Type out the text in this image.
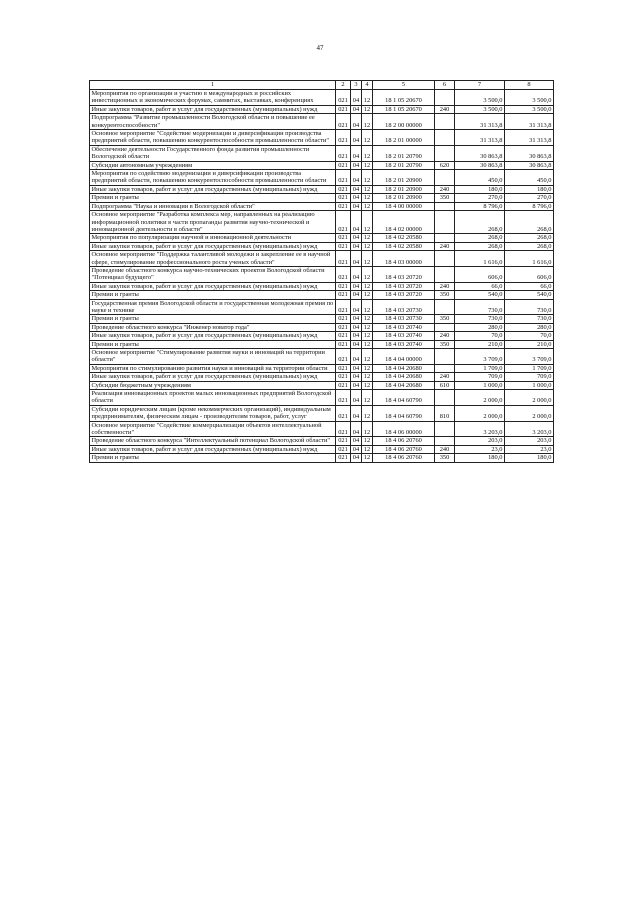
47
1	2	3	4	5	6	7	8
Мероприятия по организации и участию в международных и российских инвестиционных и экономических форумах, саммитах, выставках, конференциях	021	04	12	18 1 05 20670		3 500,0	3 500,0
Иные закупки товаров, работ и услуг для государственных (муниципальных) нужд	021	04	12	18 1 05 20670	240	3 500,0	3 500,0
Подпрограмма "Развитие промышленности Вологодской области и повышение ее конкурентоспособности"	021	04	12	18 2 00 00000		31 313,8	31 313,8
Основное мероприятие "Содействие модернизации и диверсификации производства предприятий области, повышению конкурентоспособности промышленности области"	021	04	12	18 2 01 00000		31 313,8	31 313,8
Обеспечение деятельности Государственного фонда развития промышленности Вологодской области	021	04	12	18 2 01 20790		30 863,8	30 863,8
Субсидии автономным учреждениям	021	04	12	18 2 01 20790	620	30 863,8	30 863,8
Мероприятия по содействию модернизации и диверсификации производства предприятий области, повышению конкурентоспособности промышленности области	021	04	12	18 2 01 20900		450,0	450,0
Иные закупки товаров, работ и услуг для государственных (муниципальных) нужд	021	04	12	18 2 01 20900	240	180,0	180,0
Премии и гранты	021	04	12	18 2 01 20900	350	270,0	270,0
Подпрограмма "Наука и инновации в Вологодской области"	021	04	12	18 4 00 00000		8 796,0	8 796,0
Основное мероприятие "Разработка комплекса мер, направленных на реализацию информационной политики в части пропаганды развития научно-технической и инновационной деятельности в области"	021	04	12	18 4 02 00000		268,0	268,0
Мероприятия по популяризации научной и инновационной деятельности	021	04	12	18 4 02 20580		268,0	268,0
Иные закупки товаров, работ и услуг для государственных (муниципальных) нужд	021	04	12	18 4 02 20580	240	268,0	268,0
Основное мероприятие "Поддержка талантливой молодежи и закрепление ее в научной сфере, стимулирование профессионального роста ученых области"	021	04	12	18 4 03 00000		1 616,0	1 616,0
Проведение областного конкурса научно-технических проектов Вологодской области "Потенциал будущего"	021	04	12	18 4 03 20720		606,0	606,0
Иные закупки товаров, работ и услуг для государственных (муниципальных) нужд	021	04	12	18 4 03 20720	240	66,0	66,0
Премии и гранты	021	04	12	18 4 03 20720	350	540,0	540,0
Государственная премия Вологодской области и государственная молодежная премия по науке и технике	021	04	12	18 4 03 20730		730,0	730,0
Премии и гранты	021	04	12	18 4 03 20730	350	730,0	730,0
Проведение областного конкурса "Инженер новатор года"	021	04	12	18 4 03 20740		280,0	280,0
Иные закупки товаров, работ и услуг для государственных (муниципальных) нужд	021	04	12	18 4 03 20740	240	70,0	70,0
Премии и гранты	021	04	12	18 4 03 20740	350	210,0	210,0
Основное мероприятие "Стимулирование развития науки и инноваций на территории области"	021	04	12	18 4 04 00000		3 709,0	3 709,0
Мероприятия по стимулированию развития науки и инноваций на территории области	021	04	12	18 4 04 20680		1 709,0	1 709,0
Иные закупки товаров, работ и услуг для государственных (муниципальных) нужд	021	04	12	18 4 04 20680	240	709,0	709,0
Субсидии бюджетным учреждениям	021	04	12	18 4 04 20680	610	1 000,0	1 000,0
Реализация инновационных проектов малых инновационных предприятий Вологодской области	021	04	12	18 4 04 60790		2 000,0	2 000,0
Субсидии юридическим лицам (кроме некоммерческих организаций), индивидуальным предпринимателям, физическим лицам - производителям товаров, работ, услуг	021	04	12	18 4 04 60790	810	2 000,0	2 000,0
Основное мероприятие "Содействие коммерциализации объектов интеллектуальной собственности"	021	04	12	18 4 06 00000		3 203,0	3 203,0
Проведение областного конкурса "Интеллектуальный потенциал Вологодской области"	021	04	12	18 4 06 20760		203,0	203,0
Иные закупки товаров, работ и услуг для государственных (муниципальных) нужд	021	04	12	18 4 06 20760	240	23,0	23,0
Премии и гранты	021	04	12	18 4 06 20760	350	180,0	180,0
